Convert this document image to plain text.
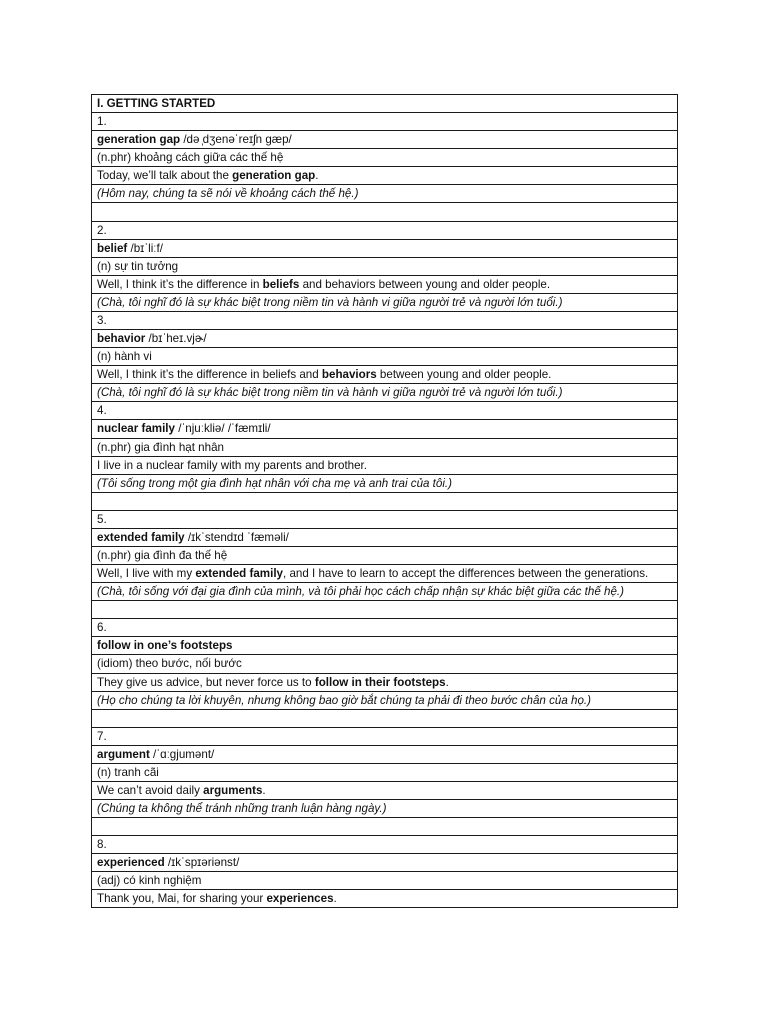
I. GETTING STARTED
1.
generation gap /də ̩dʒenəˈreɪʃn ɡæp/
(n.phr) khoảng cách giữa các thế hệ
Today, we’ll talk about the generation gap.
(Hôm nay, chúng ta sẽ nói về khoảng cách thế hệ.)

2.
belief /bɪˈliːf/
(n) sự tin tưởng
Well, I think it’s the difference in beliefs and behaviors between young and older people.
(Chà, tôi nghĩ đó là sự khác biệt trong niềm tin và hành vi giữa người trẻ và người lớn tuổi.)
3.
behavior /bɪˈheɪ.vjɚ/
(n) hành vi
Well, I think it’s the difference in beliefs and behaviors between young and older people.
(Chà, tôi nghĩ đó là sự khác biệt trong niềm tin và hành vi giữa người trẻ và người lớn tuổi.)
4.
nuclear family /ˈnjuːkliə/ /ˈfæmɪli/
(n.phr) gia đình hạt nhân
I live in a nuclear family with my parents and brother.
(Tôi sống trong một gia đình hạt nhân với cha mẹ và anh trai của tôi.)

5.
extended family /ɪkˈstendɪd ˈfæməli/
(n.phr) gia đình đa thế hệ
Well, I live with my extended family, and I have to learn to accept the differences between the generations.
(Chà, tôi sống với đại gia đình của mình, và tôi phải học cách chấp nhận sự khác biệt giữa các thế hệ.)

6.
follow in one’s footsteps
(idiom) theo bước, nối bước
They give us advice, but never force us to follow in their footsteps.
(Họ cho chúng ta lời khuyên, nhưng không bao giờ bắt chúng ta phải đi theo bước chân của họ.)

7.
argument /ˈɑːɡjumənt/
(n) tranh cãi
We can’t avoid daily arguments.
(Chúng ta không thể tránh những tranh luận hàng ngày.)

8.
experienced /ɪkˈspɪəriənst/
(adj) có kinh nghiệm
Thank you, Mai, for sharing your experiences.
